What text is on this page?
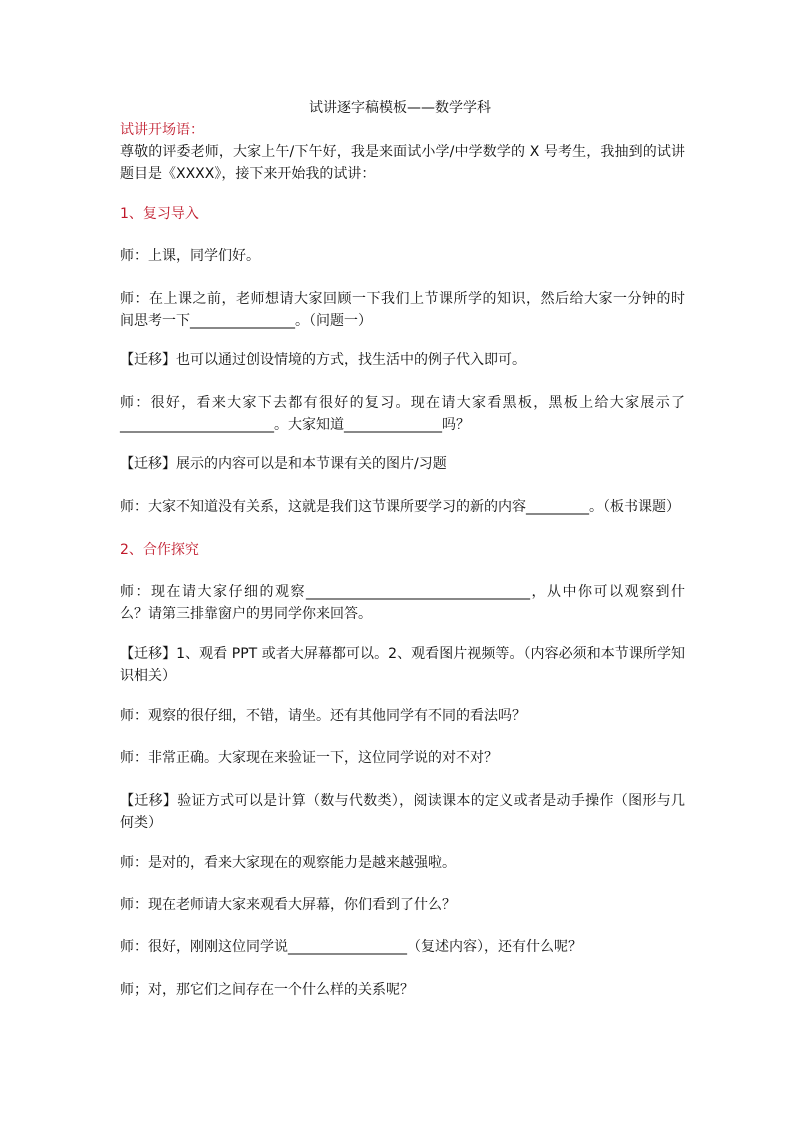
试讲逐字稿模板——数学学科
试讲开场语：
尊敬的评委老师，大家上午/下午好，我是来面试小学/中学数学的 X 号考生，我抽到的试讲
题目是《XXXX》，接下来开始我的试讲：
1、复习导入
师：上课，同学们好。
师：在上课之前，老师想请大家回顾一下我们上节课所学的知识，然后给大家一分钟的时
间思考一下_______________。（问题一）
【迁移】也可以通过创设情境的方式，找生活中的例子代入即可。
师：很好，看来大家下去都有很好的复习。现在请大家看黑板，黑板上给大家展示了
______________________。大家知道______________吗？
【迁移】展示的内容可以是和本节课有关的图片/习题
师：大家不知道没有关系，这就是我们这节课所要学习的新的内容_________。（板书课题）
2、合作探究
师：现在请大家仔细的观察________________________________，从中你可以观察到什
么？请第三排靠窗户的男同学你来回答。
【迁移】1、观看 PPT 或者大屏幕都可以。2、观看图片视频等。（内容必须和本节课所学知
识相关）
师：观察的很仔细，不错，请坐。还有其他同学有不同的看法吗？
师：非常正确。大家现在来验证一下，这位同学说的对不对？
【迁移】验证方式可以是计算（数与代数类），阅读课本的定义或者是动手操作（图形与几
何类）
师：是对的，看来大家现在的观察能力是越来越强啦。
师：现在老师请大家来观看大屏幕，你们看到了什么？
师：很好，刚刚这位同学说_________________（复述内容），还有什么呢？
师；对，那它们之间存在一个什么样的关系呢？
